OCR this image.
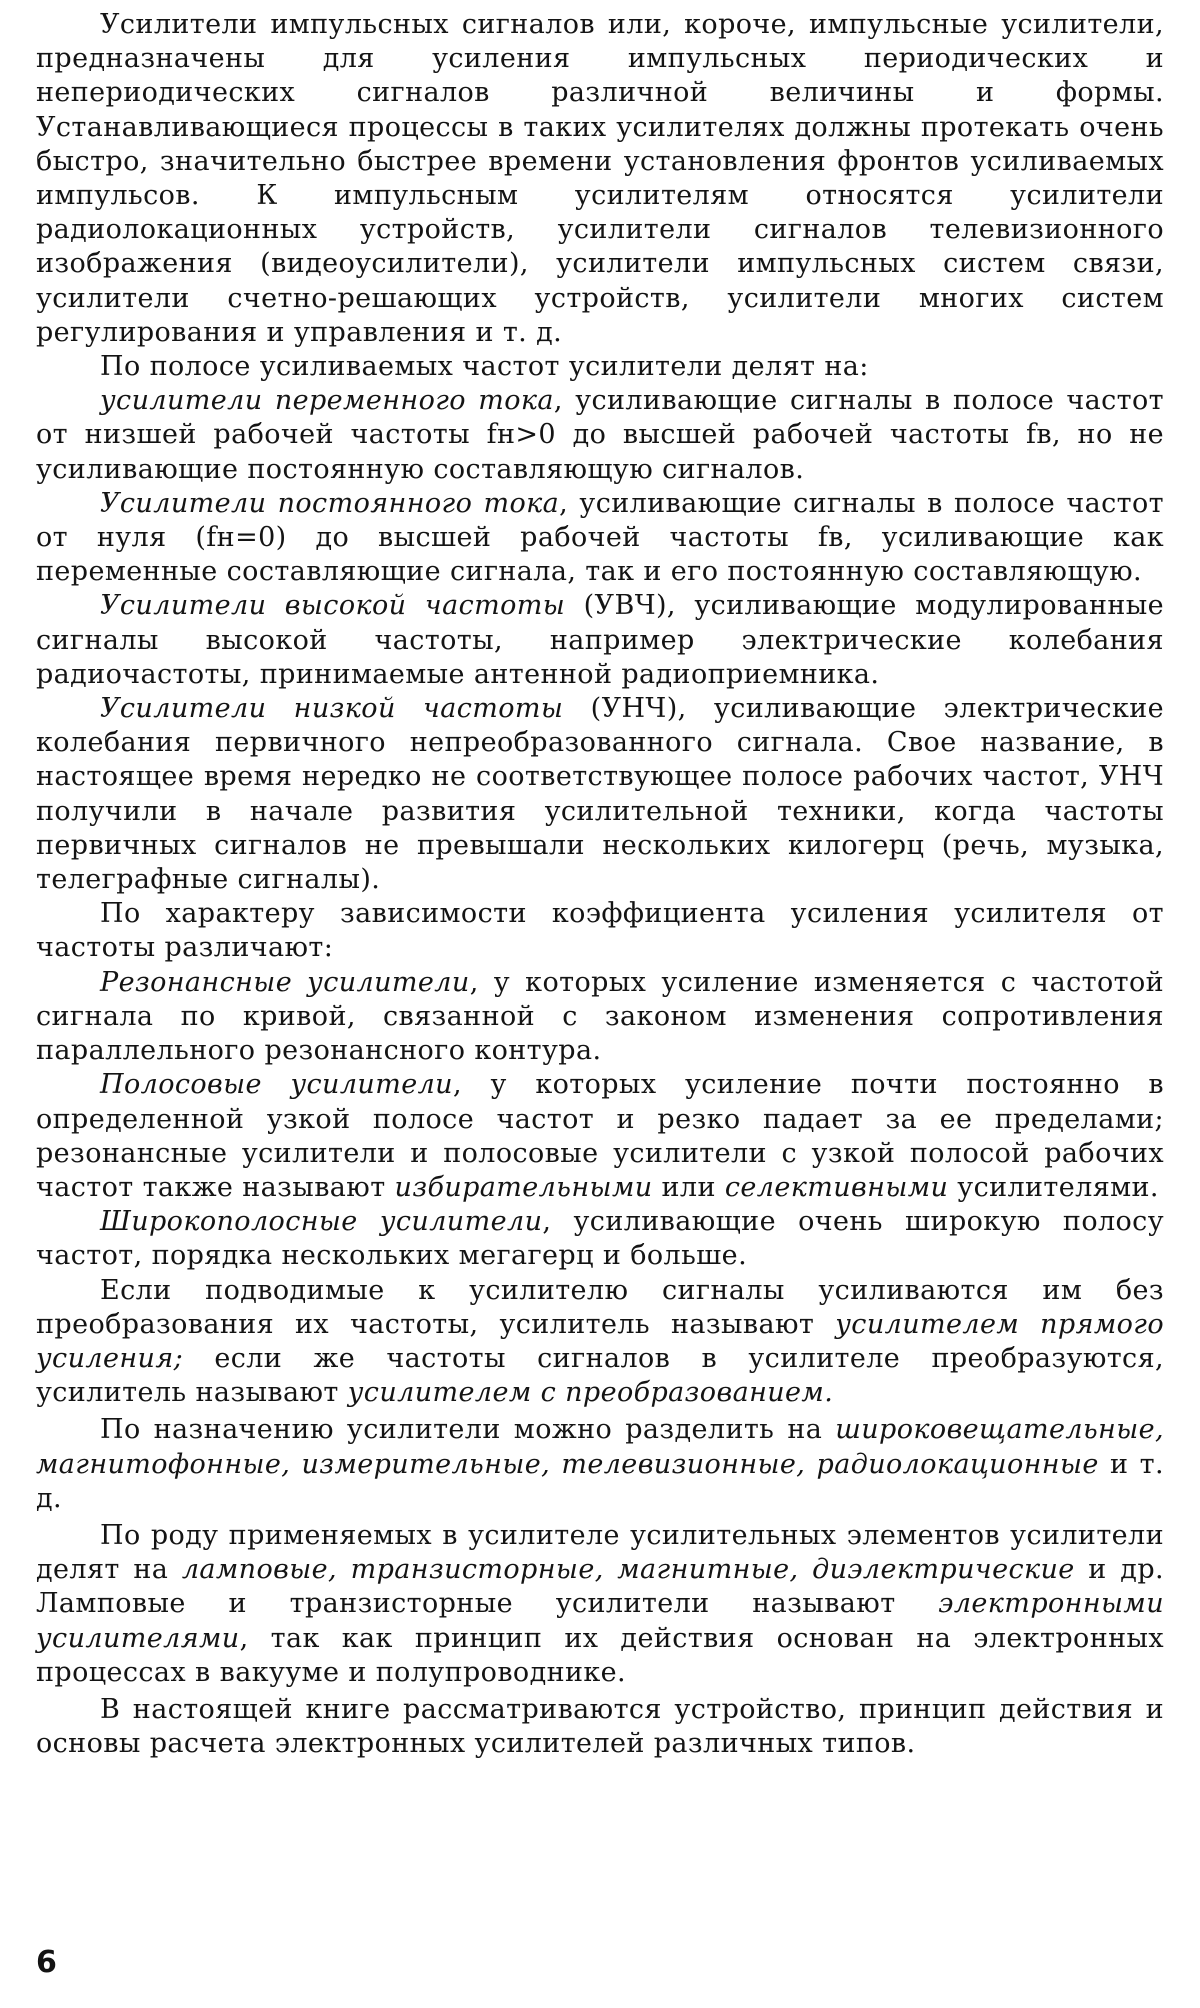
Усилители импульсных сигналов или, короче, импульсные усилители, предназначены для усиления импульсных периодических и непериодических сигналов различной величины и формы. Устанавливающиеся процессы в таких усилителях должны протекать очень быстро, значительно быстрее времени установления фронтов усиливаемых импульсов. К импульсным усилителям относятся усилители радиолокационных устройств, усилители сигналов телевизионного изображения (видеоусилители), усилители импульсных систем связи, усилители счетно-решающих устройств, усилители многих систем регулирования и управления и т. д.

По полосе усиливаемых частот усилители делят на:

усилители переменного тока, усиливающие сигналы в полосе частот от низшей рабочей частоты fн>0 до высшей рабочей частоты fв, но не усиливающие постоянную составляющую сигналов.

Усилители постоянного тока, усиливающие сигналы в полосе частот от нуля (fн=0) до высшей рабочей частоты fв, усиливающие как переменные составляющие сигнала, так и его постоянную составляющую.

Усилители высокой частоты (УВЧ), усиливающие модулированные сигналы высокой частоты, например электрические колебания радиочастоты, принимаемые антенной радиоприемника.

Усилители низкой частоты (УНЧ), усиливающие электрические колебания первичного непреобразованного сигнала. Свое название, в настоящее время нередко не соответствующее полосе рабочих частот, УНЧ получили в начале развития усилительной техники, когда частоты первичных сигналов не превышали нескольких килогерц (речь, музыка, телеграфные сигналы).

По характеру зависимости коэффициента усиления усилителя от частоты различают:

Резонансные усилители, у которых усиление изменяется с частотой сигнала по кривой, связанной с законом изменения сопротивления параллельного резонансного контура.

Полосовые усилители, у которых усиление почти постоянно в определенной узкой полосе частот и резко падает за ее пределами; резонансные усилители и полосовые усилители с узкой полосой рабочих частот также называют избирательными или селективными усилителями.

Широкополосные усилители, усиливающие очень широкую полосу частот, порядка нескольких мегагерц и больше.

Если подводимые к усилителю сигналы усиливаются им без преобразования их частоты, усилитель называют усилителем прямого усиления; если же частоты сигналов в усилителе преобразуются, усилитель называют усилителем с преобразованием.

По назначению усилители можно разделить на широковещательные, магнитофонные, измерительные, телевизионные, радиолокационные и т. д.

По роду применяемых в усилителе усилительных элементов усилители делят на ламповые, транзисторные, магнитные, диэлектрические и др. Ламповые и транзисторные усилители называют электронными усилителями, так как принцип их действия основан на электронных процессах в вакууме и полупроводнике.

В настоящей книге рассматриваются устройство, принцип действия и основы расчета электронных усилителей различных типов.

6
